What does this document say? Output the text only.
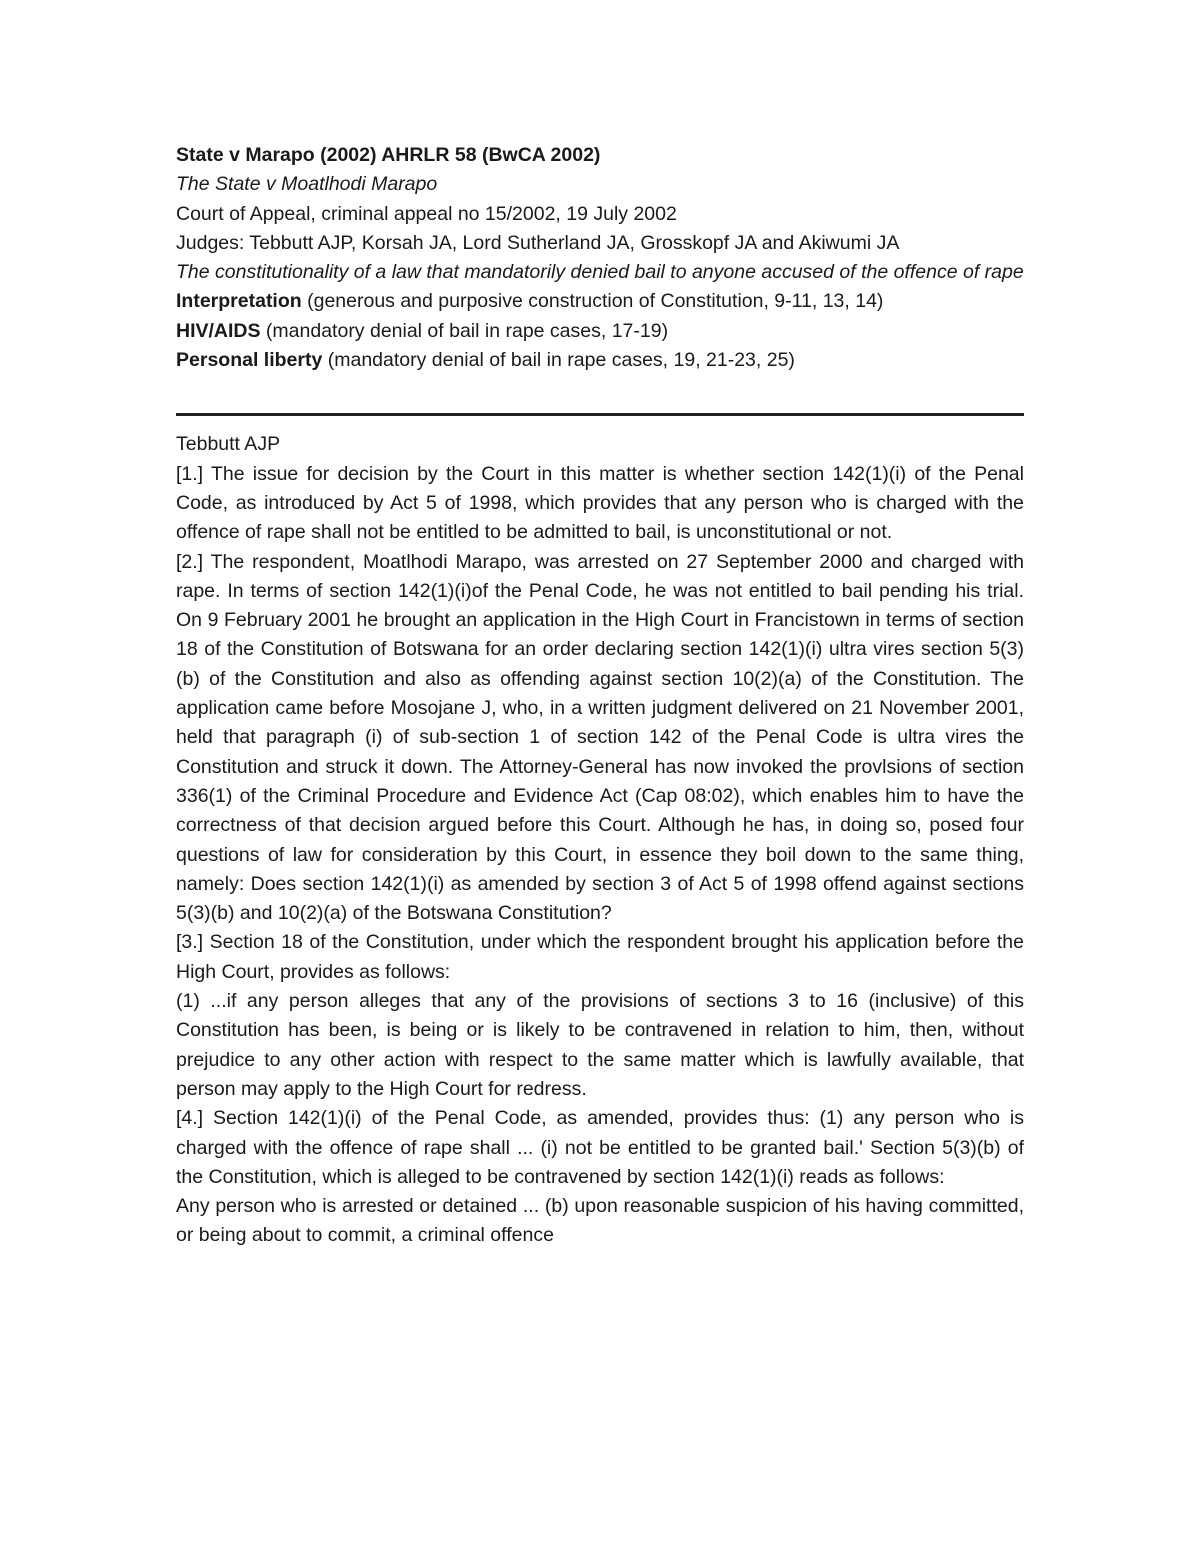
State v Marapo (2002) AHRLR 58 (BwCA 2002)

The State v Moatlhodi Marapo

Court of Appeal, criminal appeal no 15/2002, 19 July 2002

Judges: Tebbutt AJP, Korsah JA, Lord Sutherland JA, Grosskopf JA and Akiwumi JA

The constitutionality of a law that mandatorily denied bail to anyone accused of the offence of rape

Interpretation (generous and purposive construction of Constitution, 9-11, 13, 14)

HIV/AIDS (mandatory denial of bail in rape cases, 17-19)

Personal liberty (mandatory denial of bail in rape cases, 19, 21-23, 25)

Tebbutt AJP

[1.] The issue for decision by the Court in this matter is whether section 142(1)(i) of the Penal Code, as introduced by Act 5 of 1998, which provides that any person who is charged with the offence of rape shall not be entitled to be admitted to bail, is unconstitutional or not.

[2.] The respondent, Moatlhodi Marapo, was arrested on 27 September 2000 and charged with rape. In terms of section 142(1)(i)of the Penal Code, he was not entitled to bail pending his trial. On 9 February 2001 he brought an application in the High Court in Francistown in terms of section 18 of the Constitution of Botswana for an order declaring section 142(1)(i) ultra vires section 5(3)(b) of the Constitution and also as offending against section 10(2)(a) of the Constitution. The application came before Mosojane J, who, in a written judgment delivered on 21 November 2001, held that paragraph (i) of sub-section 1 of section 142 of the Penal Code is ultra vires the Constitution and struck it down. The Attorney-General has now invoked the provlsions of section 336(1) of the Criminal Procedure and Evidence Act (Cap 08:02), which enables him to have the correctness of that decision argued before this Court. Although he has, in doing so, posed four questions of law for consideration by this Court, in essence they boil down to the same thing, namely: Does section 142(1)(i) as amended by section 3 of Act 5 of 1998 offend against sections 5(3)(b) and 10(2)(a) of the Botswana Constitution?

[3.] Section 18 of the Constitution, under which the respondent brought his application before the High Court, provides as follows:

(1) ...if any person alleges that any of the provisions of sections 3 to 16 (inclusive) of this Constitution has been, is being or is likely to be contravened in relation to him, then, without prejudice to any other action with respect to the same matter which is lawfully available, that person may apply to the High Court for redress.

[4.] Section 142(1)(i) of the Penal Code, as amended, provides thus: (1) any person who is charged with the offence of rape shall ... (i) not be entitled to be granted bail.' Section 5(3)(b) of the Constitution, which is alleged to be contravened by section 142(1)(i) reads as follows:

Any person who is arrested or detained ... (b) upon reasonable suspicion of his having committed, or being about to commit, a criminal offence
